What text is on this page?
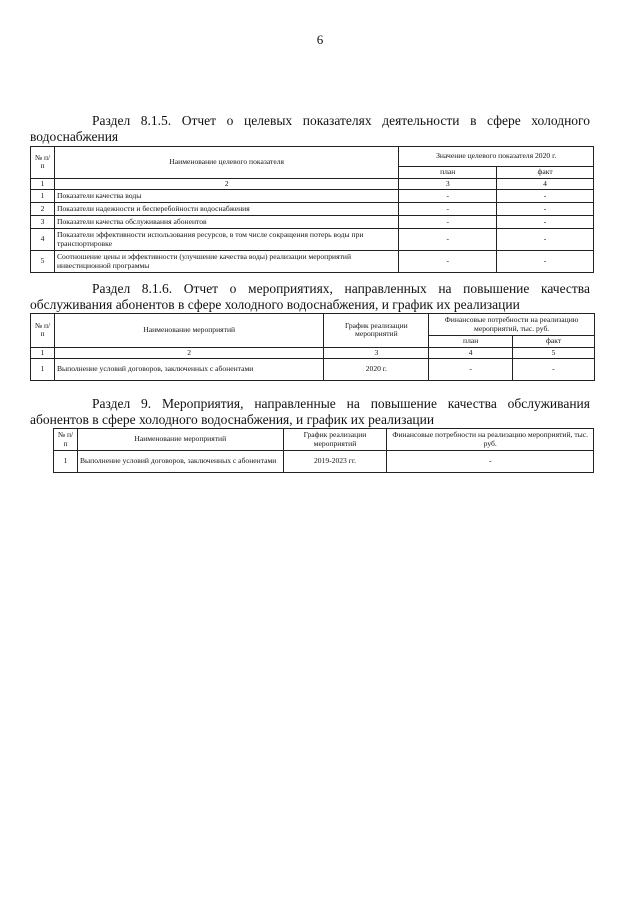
6
Раздел 8.1.5. Отчет о целевых показателях деятельности в сфере холодного водоснабжения
№ п/п	Наименование целевого показателя	Значение целевого показателя 2020 г.	
		план	факт
1	2	3	4
1	Показатели качества воды	-	-
2	Показатели надежности и бесперебойности водоснабжения	-	-
3	Показатели качества обслуживания абонентов	-	-
4	Показатели эффективности использования ресурсов, в том числе сокращения потерь воды при транспортировке	-	-
5	Соотношение цены и эффективности (улучшение качества воды) реализации мероприятий инвестиционной программы	-	-
Раздел 8.1.6. Отчет о мероприятиях, направленных на повышение качества обслуживания абонентов в сфере холодного водоснабжения, и график их реализации
№ п/п	Наименование мероприятий	График реализации мероприятий	Финансовые потребности на реализацию мероприятий, тыс. руб.	
			план	факт
1	2	3	4	5
1	Выполнение условий договоров, заключенных с абонентами	2020 г.	-	-
Раздел 9. Мероприятия, направленные на повышение качества обслуживания абонентов в сфере холодного водоснабжения, и график их реализации
№ п/п	Наименование мероприятий	График реализации мероприятий	Финансовые потребности на реализацию мероприятий, тыс. руб.
1	Выполнение условий договоров, заключенных с абонентами	2019-2023 гг.	-
